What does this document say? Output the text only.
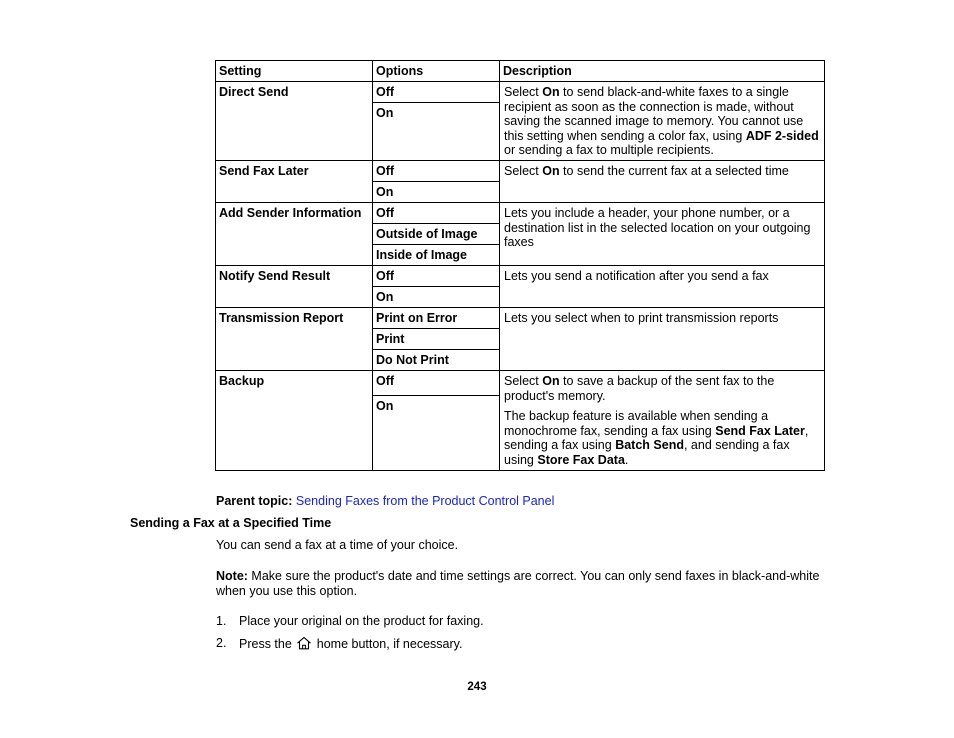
Setting	Options	Description
Direct Send	Off	Select On to send black-and-white faxes to a single recipient as soon as the connection is made, without saving the scanned image to memory. You cannot use this setting when sending a color fax, using ADF 2-sided or sending a fax to multiple recipients.
	On	
Send Fax Later	Off	Select On to send the current fax at a selected time
	On	
Add Sender Information	Off	Lets you include a header, your phone number, or a destination list in the selected location on your outgoing faxes
	Outside of Image	
	Inside of Image	
Notify Send Result	Off	Lets you send a notification after you send a fax
	On	
Transmission Report	Print on Error	Lets you select when to print transmission reports
	Print	
	Do Not Print	
Backup	Off	Select On to save a backup of the sent fax to the product's memory.

The backup feature is available when sending a monochrome fax, sending a fax using Send Fax Later, sending a fax using Batch Send, and sending a fax using Store Fax Data.

	On	
Parent topic: Sending Faxes from the Product Control Panel
Sending a Fax at a Specified Time
You can send a fax at a time of your choice.
Note: Make sure the product's date and time settings are correct. You can only send faxes in black-and-white when you use this option.
1. Place your original on the product for faxing.
2. Press the  home button, if necessary.
243
